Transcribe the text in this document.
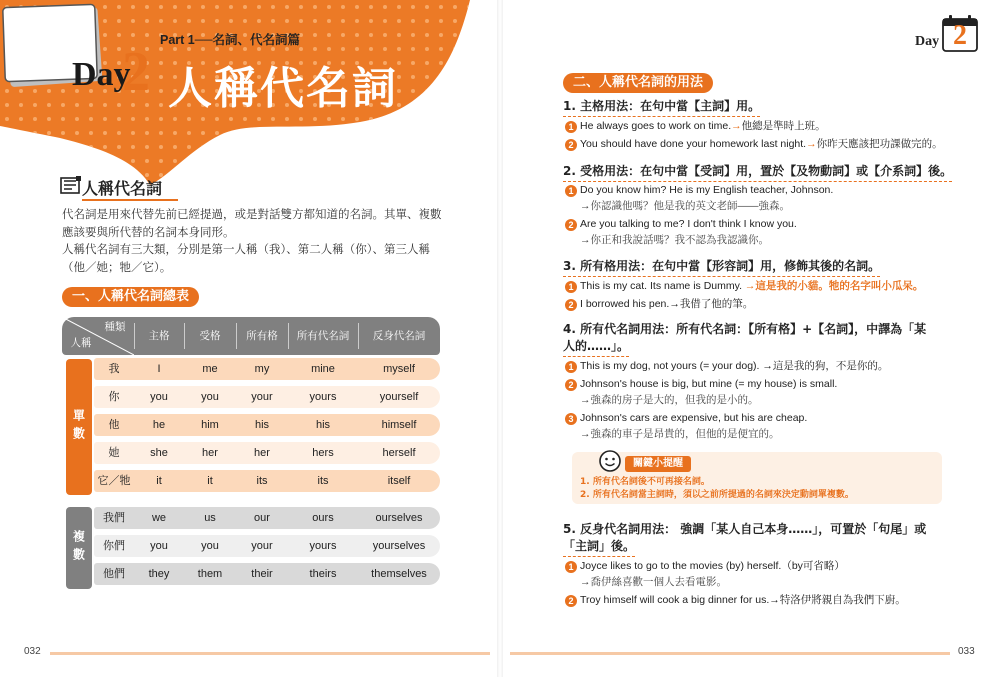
Part 1──名詞、代名詞篇
Day
2 人稱代名詞
人稱代名詞
代名詞是用來代替先前已經提過，或是對話雙方都知道的名詞。其單、複數應該要與所代替的名詞本身同形。
人稱代名詞有三大類，分別是第一人稱（我）、第二人稱（你）、第三人稱（他／她；牠／它）。
一、人稱代名詞總表
種類
人稱
主格	受格	所有格	所有代名詞	反身代名詞
單數
複數
我	I	me	my	mine	myself
你	you	you	your	yours	yourself
他	he	him	his	his	himself
她	she	her	her	hers	herself
它／牠	it	it	its	its	itself
我們	we	us	our	ours	ourselves
你們	you	you	your	yours	yourselves
他們	they	them	their	theirs	themselves
032
Day 2
二、人稱代名詞的用法
1. 主格用法：在句中當【主詞】用。
1 He always goes to work on time.→他總是準時上班。
2 You should have done your homework last night.→你昨天應該把功課做完的。
2. 受格用法：在句中當【受詞】用，置於【及物動詞】或【介系詞】後。
1 Do you know him? He is my English teacher, Johnson.
→你認識他嗎？他是我的英文老師——強森。
2 Are you talking to me? I don't think I know you.
→你正和我說話嗎？我不認為我認識你。
3. 所有格用法：在句中當【形容詞】用，修飾其後的名詞。
1 This is my cat. Its name is Dummy. →這是我的小貓。牠的名字叫小瓜呆。
2 I borrowed his pen.→我借了他的筆。
4. 所有代名詞用法：所有代名詞：【所有格】+【名詞】，中譯為「某
人的……」。
1 This is my dog, not yours (= your dog). →這是我的狗，不是你的。
2 Johnson's house is big, but mine (= my house) is small.
→強森的房子是大的，但我的是小的。
3 Johnson's cars are expensive, but his are cheap.
→強森的車子是昂貴的，但他的是便宜的。
關鍵小提醒
1. 所有代名詞後不可再接名詞。
2. 所有代名詞當主詞時，須以之前所提過的名詞來決定動詞單複數。
5. 反身代名詞用法： 強調「某人自己本身……」，可置於「句尾」或
「主詞」後。
1 Joyce likes to go to the movies (by) herself.（by可省略）
→喬伊絲喜歡一個人去看電影。
2 Troy himself will cook a big dinner for us.→特洛伊將親自為我們下廚。
033
